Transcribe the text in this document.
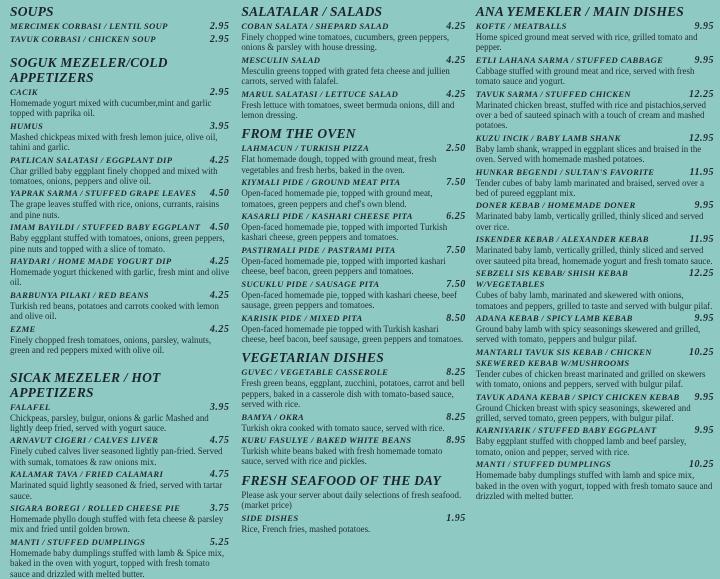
SOUPS
MERCIMEK CORBASI / LENTIL SOUP	2.95
TAVUK CORBASI / CHICKEN SOUP	2.95
SOGUK MEZELER/COLD APPETIZERS
CACIK	2.95
Homemade yogurt mixed with cucumber,mint and garlic topped with paprika oil.
HUMUS	3.95
Mashed chickpeas mixed with fresh lemon juice, olive oil, tahini and garlic.
PATLICAN SALATASI / EGGPLANT DIP	4.25
Char grilled baby eggplant finely chopped and mixed with tomatoes, onions, peppers and olive oil.
YAPRAK SARMA / STUFFED GRAPE LEAVES	4.50
The grape leaves stuffed with rice, onions, currants, raisins and pine nuts.
IMAM BAYILDI / STUFFED BABY EGGPLANT 4.50
Baby eggplant stuffed with tomatoes, onions, green peppers, pine nuts and topped with a slice of tomato.
HAYDARI / HOME MADE YOGURT DIP	4.25
Homemade yogurt thickened with garlic, fresh mint and olive oil.
BARBUNYA PILAKI / RED BEANS	4.25
Turkish red beans, potatoes and carrots cooked with lemon and olive oil.
EZME	4.25
Finely chopped fresh tomatoes, onions, parsley, walnuts, green and red peppers mixed with olive oil.
SICAK MEZELER / HOT APPETIZERS
FALAFEL	3.95
Chickpeas, parsley, bulgur, onions & garlic Mashed and lightly deep fried, served with yogurt sauce.
ARNAVUT CIGERI / CALVES LIVER	4.75
Finely cubed calves liver seasoned lightly pan-fried. Served with sumak, tomatoes & raw onions mix.
KALAMAR TAVA / FRIED CALAMARI	4.75
Marinated squid lightly seasoned & fried, served with tartar sauce.
SIGARA BOREGI / ROLLED CHEESE PIE	3.75
Homemade phyllo dough stuffed with feta cheese & parsley mix and fried until golden brown.
MANTI / STUFFED DUMPLINGS	5.25
Homemade baby dumplings stuffed with lamb & Spice mix, baked in the oven with yogurt, topped with fresh tomato sauce and drizzled with melted butter.
SALATALAR / SALADS
COBAN SALATA / SHEPARD SALAD	4.25
Finely chopped wine tomatoes, cucumbers, green peppers, onions & parsley with house dressing.
MESCULIN SALAD	4.25
Mesculin greens topped with grated feta cheese and jullien carrots, served with falafel.
MARUL SALATASI / LETTUCE SALAD	4.25
Fresh lettuce with tomatoes, sweet bermuda onions, dill and lemon dressing.
FROM THE OVEN
LAHMACUN / TURKISH PIZZA	2.50
Flat homemade dough, topped with ground meat, fresh vegetables and fresh herbs, baked in the oven.
KIYMALI PIDE / GROUND MEAT PITA	7.50
Open-faced homemade pie, topped with ground meat, tomatoes, green peppers and chef's own blend.
KASARLI PIDE / KASHARI CHEESE PITA	6.25
Open-faced homemade pie, topped with imported Turkish kashari cheese, green peppers and tomatoes.
PASTIRMALI PIDE / PASTRAMI PITA	7.50
Open-faced homemade pie, topped with imported kashari cheese, beef bacon, green peppers and tomatoes.
SUCUKLU PIDE / SAUSAGE PITA	7.50
Open-faced homemade pie, topped with kashari cheese, beef sausage, green peppers and tomatoes.
KARISIK PIDE / MIXED PITA	8.50
Open-faced homemade pie topped with Turkish kashari cheese, beef bacon, beef sausage, green peppers and tomatoes.
VEGETARIAN DISHES
GUVEC / VEGETABLE CASSEROLE	8.25
Fresh green beans, eggplant, zucchini, potatoes, carrot and bell peppers, baked in a casserole dish with tomato-based sauce, served with rice.
BAMYA / OKRA	8.25
Turkish okra cooked with tomato sauce, served with rice.
KURU FASULYE / BAKED WHITE BEANS	8.95
Turkish white beans baked with fresh homemade tomato sauce, served with rice and pickles.
FRESH SEAFOOD OF THE DAY
Please ask your server about daily selections of fresh seafood. (market price)
SIDE DISHES	1.95
Rice, French fries, mashed potatoes.
ANA YEMEKLER / MAIN DISHES
KOFTE / MEATBALLS	9.95
Home spiced ground meat served with rice, grilled tomato and pepper.
ETLI LAHANA SARMA / STUFFED CABBAGE	9.95
Cabbage stuffed with ground meat and rice, served with fresh tomato sauce and yogurt.
TAVUK SARMA / STUFFED CHICKEN	12.25
Marinated chicken breast, stuffed with rice and pistachios,served over a bed of sauteed spinach with a touch of cream and mashed potatoes.
KUZU INCIK / BABY LAMB SHANK	12.95
Baby lamb shank, wrapped in eggplant slices and braised in the oven. Served with homemade mashed potatoes.
HUNKAR BEGENDI / SULTAN'S FAVORITE	11.95
Tender cubes of baby lamb marinated and braised, served over a bed of pureed eggplant mix.
DONER KEBAB / HOMEMADE DONER	9.95
Marinated baby lamb, vertically grilled, thinly sliced and served over rice.
ISKENDER KEBAB / ALEXANDER KEBAB	11.95
Marinated baby lamb, vertically grilled, thinly sliced and served over sauteed pita bread, homemade yogurt and fresh tomato sauce.
SEBZELI SIS KEBAB/ SHISH KEBAB W/VEGETABLES
12.25
Cubes of baby lamb, marinated and skewered with onions, tomatoes and peppers, grilled to taste and served with bulgur pilaf.
ADANA KEBAB / SPICY LAMB KEBAB	9.95
Ground baby lamb with spicy seasonings skewered and grilled, served with tomato, peppers and bulgur pilaf.
MANTARLI TAVUK SIS KEBAB / CHICKEN SKEWERED KEBAB W/MUSHROOMS
10.25
Tender cubes of chicken breast marinated and grilled on skewers with tomato, onions and peppers, served with bulgur pilaf.
TAVUK ADANA KEBAB / SPICY CHICKEN KEBAB	9.95
Ground Chicken breast with spicy seasonings, skewered and grilled, served tomato, green peppers, with bulgur pilaf.
KARNIYARIK / STUFFED BABY EGGPLANT	9.95
Baby eggplant stuffed with chopped lamb and beef parsley, tomato, onion and pepper, served with rice.
MANTI / STUFFED DUMPLINGS	10.25
Homemade baby dumplings stuffed with lamb and spice mix, baked in the oven with yogurt, topped with fresh tomato sauce and drizzled with melted butter.
